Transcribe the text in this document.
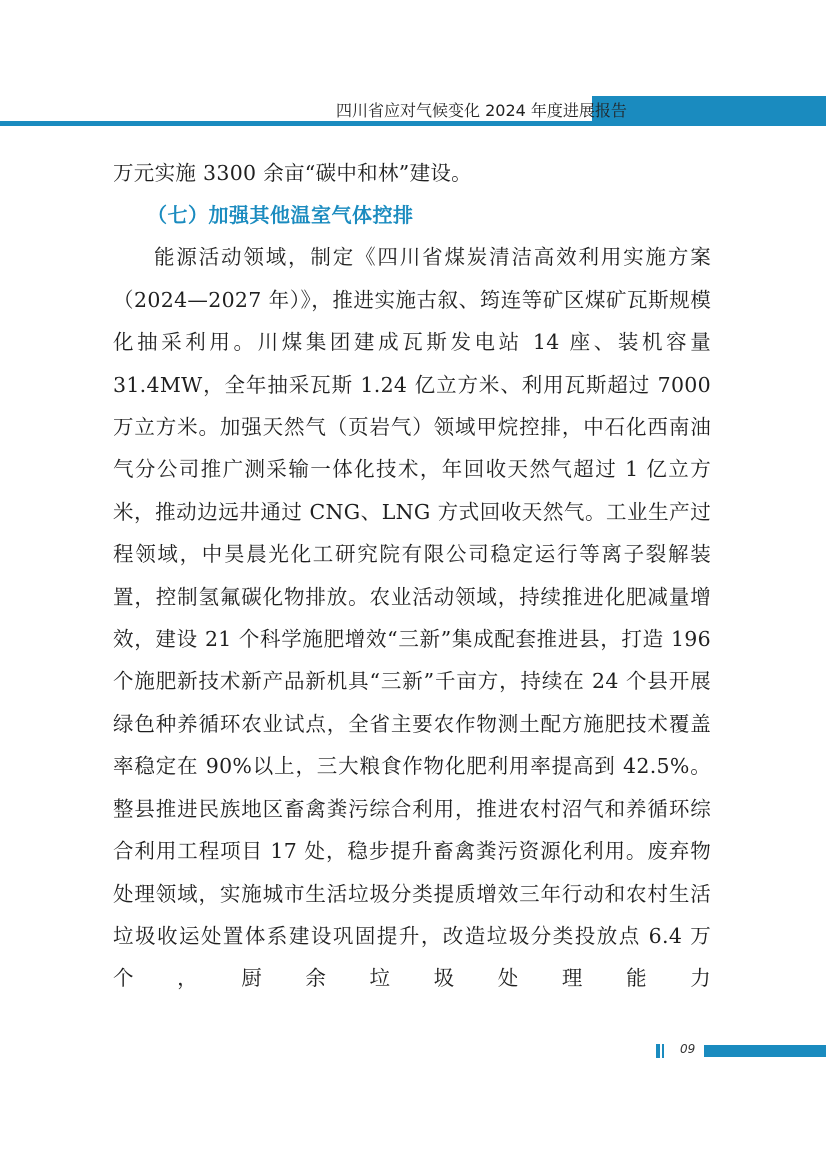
四川省应对气候变化 2024 年度进展报告

万元实施 3300 余亩“碳中和林”建设。

（七）加强其他温室气体控排

能源活动领域，制定《四川省煤炭清洁高效利用实施方案（2024—2027 年）》，推进实施古叙、筠连等矿区煤矿瓦斯规模化抽采利用。川煤集团建成瓦斯发电站 14 座、装机容量 31.4MW，全年抽采瓦斯 1.24 亿立方米、利用瓦斯超过 7000 万立方米。加强天然气（页岩气）领域甲烷控排，中石化西南油气分公司推广测采输一体化技术，年回收天然气超过 1 亿立方米，推动边远井通过 CNG、LNG 方式回收天然气。工业生产过程领域，中昊晨光化工研究院有限公司稳定运行等离子裂解装置，控制氢氟碳化物排放。农业活动领域，持续推进化肥减量增效，建设 21 个科学施肥增效“三新”集成配套推进县，打造 196 个施肥新技术新产品新机具“三新”千亩方，持续在 24 个县开展绿色种养循环农业试点，全省主要农作物测土配方施肥技术覆盖率稳定在 90%以上，三大粮食作物化肥利用率提高到 42.5%。整县推进民族地区畜禽粪污综合利用，推进农村沼气和养循环综合利用工程项目 17 处，稳步提升畜禽粪污资源化利用。废弃物处理领域，实施城市生活垃圾分类提质增效三年行动和农村生活垃圾收运处置体系建设巩固提升，改造垃圾分类投放点 6.4 万个，厨余垃圾处理能力

09
